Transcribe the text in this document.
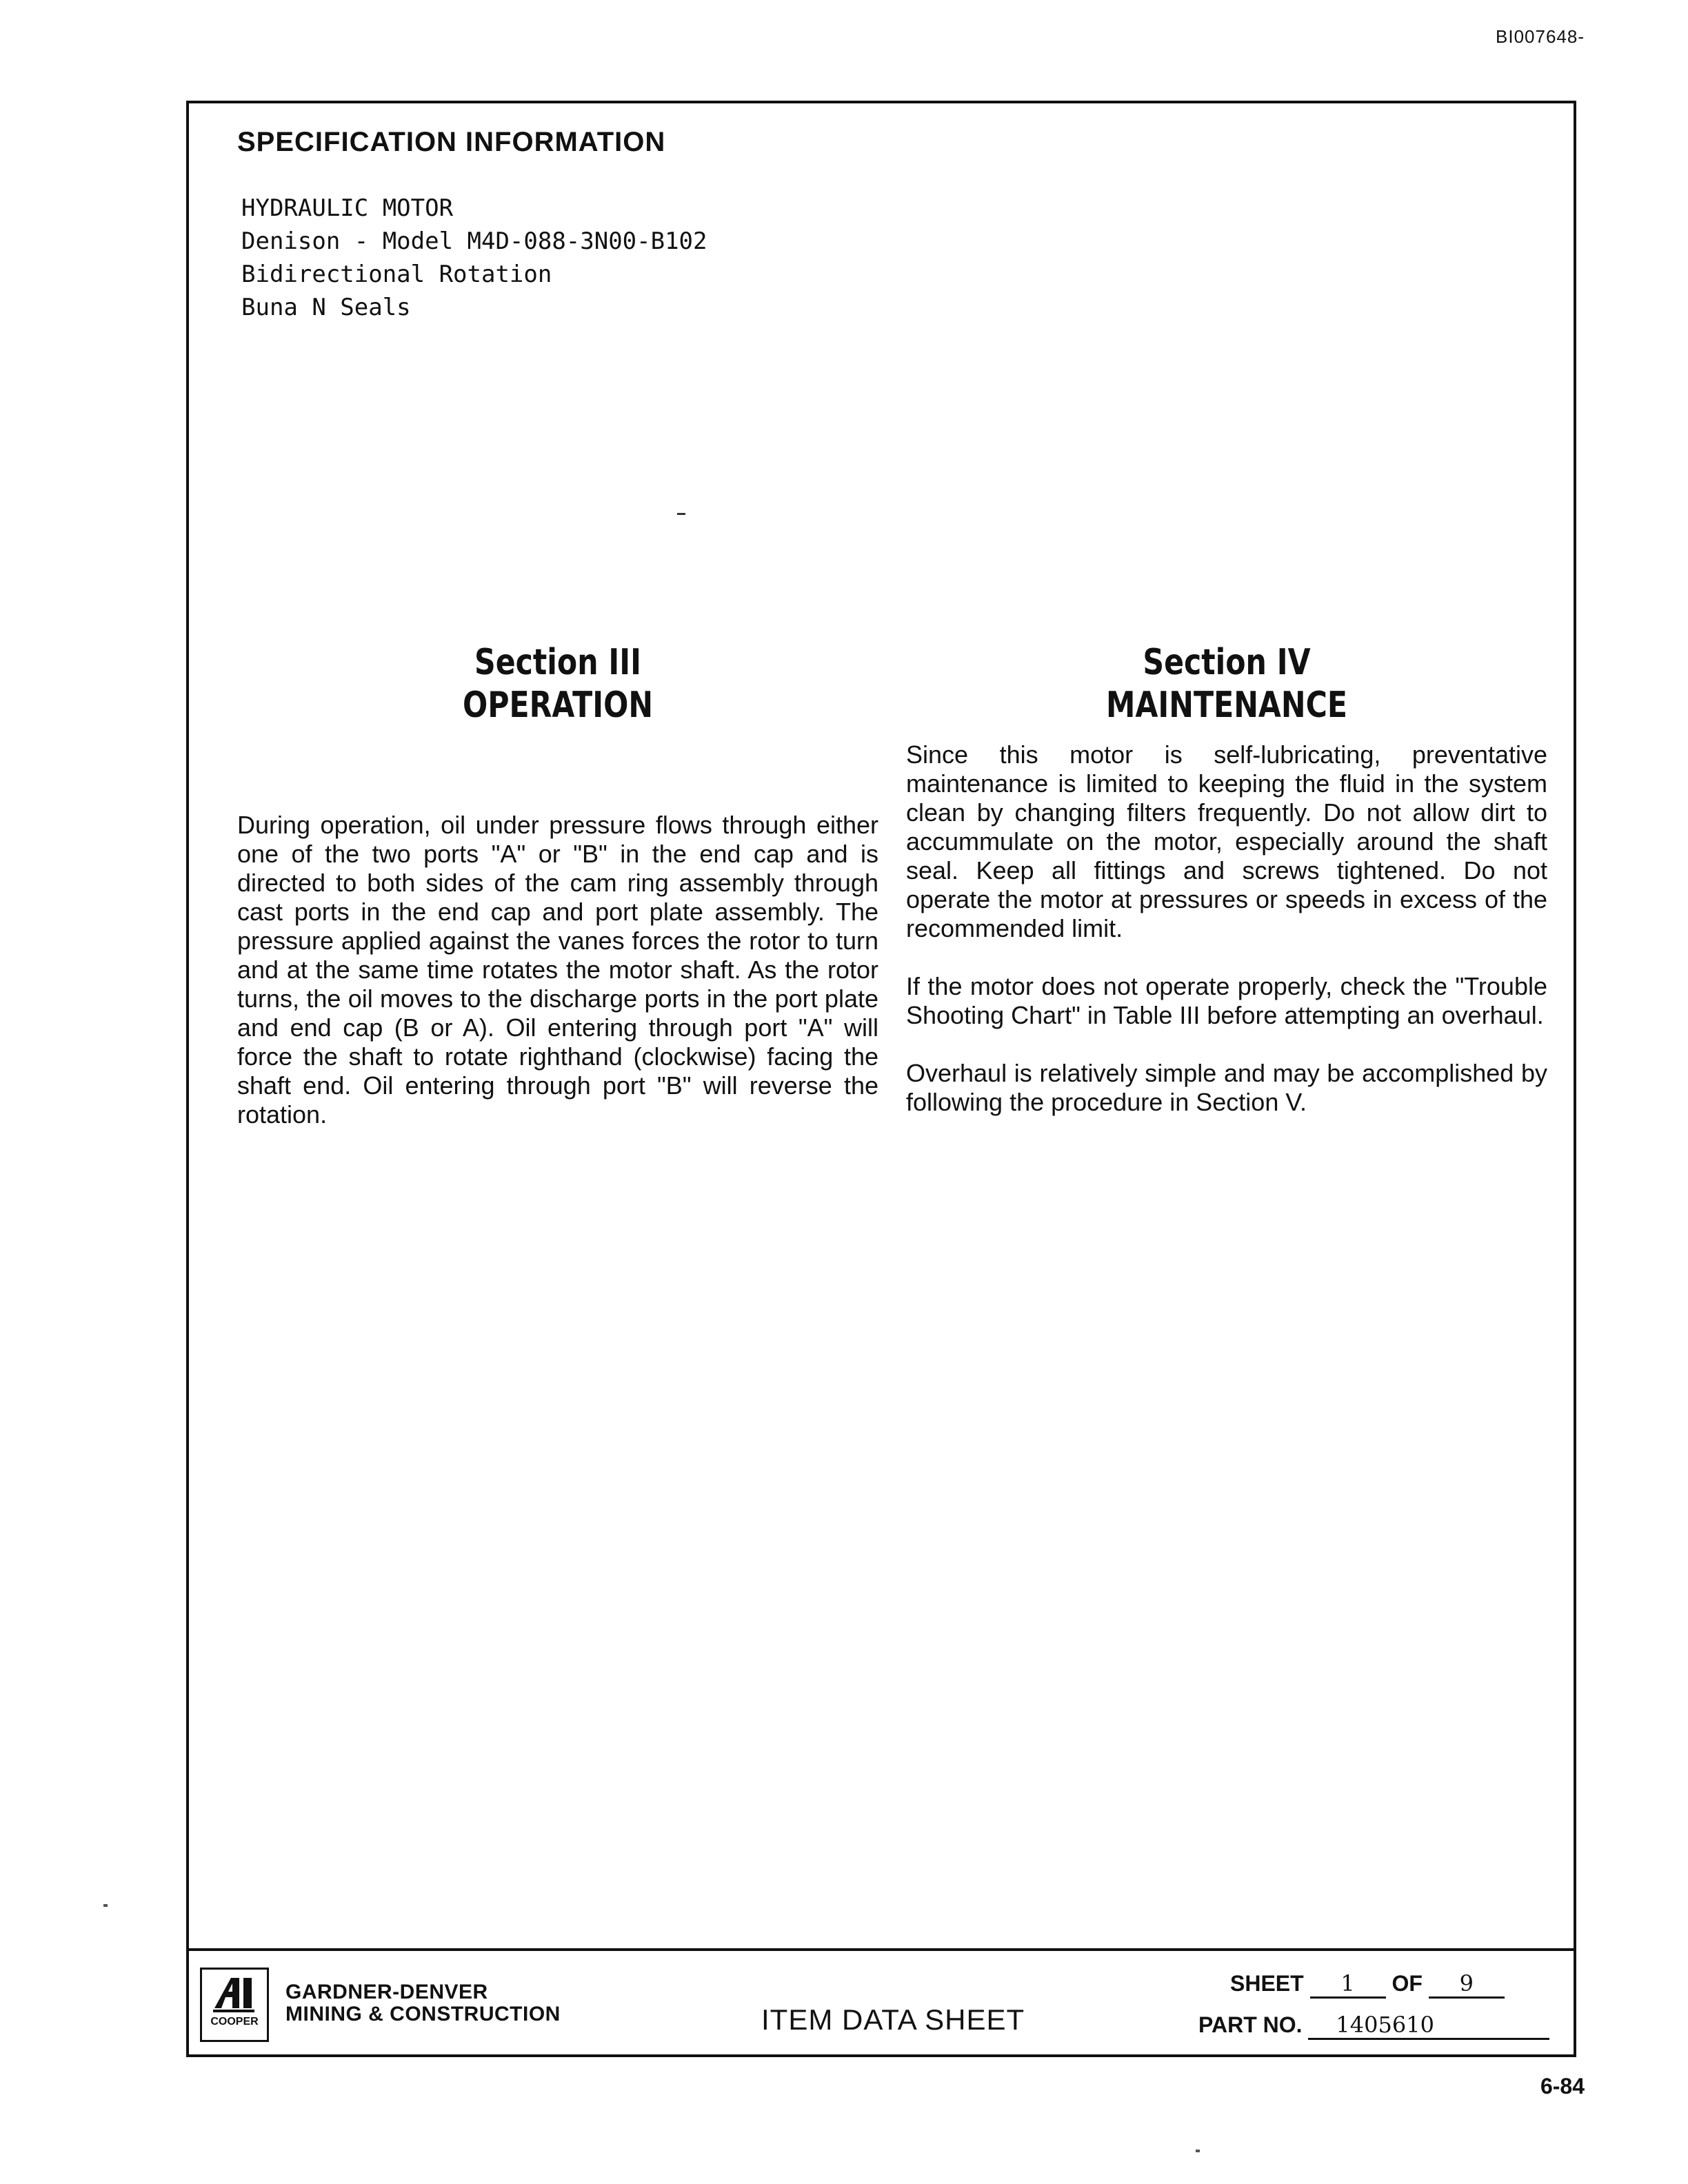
BI007648-
SPECIFICATION INFORMATION
HYDRAULIC MOTOR
Denison - Model M4D-088-3N00-B102
Bidirectional Rotation
Buna N Seals
Section III
OPERATION

During operation, oil under pressure flows through either one of the two ports "A" or "B" in the end cap and is directed to both sides of the cam ring assembly through cast ports in the end cap and port plate assembly. The pressure applied against the vanes forces the rotor to turn and at the same time rotates the motor shaft. As the rotor turns, the oil moves to the discharge ports in the port plate and end cap (B or A). Oil entering through port "A" will force the shaft to rotate righthand (clockwise) facing the shaft end. Oil entering through port "B" will reverse the rotation.

Section IV
MAINTENANCE

Since this motor is self-lubricating, preventative maintenance is limited to keeping the fluid in the system clean by changing filters frequently. Do not allow dirt to accummulate on the motor, especially around the shaft seal. Keep all fittings and screws tightened. Do not operate the motor at pressures or speeds in excess of the recommended limit.

If the motor does not operate properly, check the "Trouble Shooting Chart" in Table III before attempting an overhaul.

Overhaul is relatively simple and may be accomplished by following the procedure in Section V.

COOPER
GARDNER-DENVER
MINING & CONSTRUCTION	ITEM DATA SHEET
SHEET 1 OF 9
PART NO. 1405610
6-84
